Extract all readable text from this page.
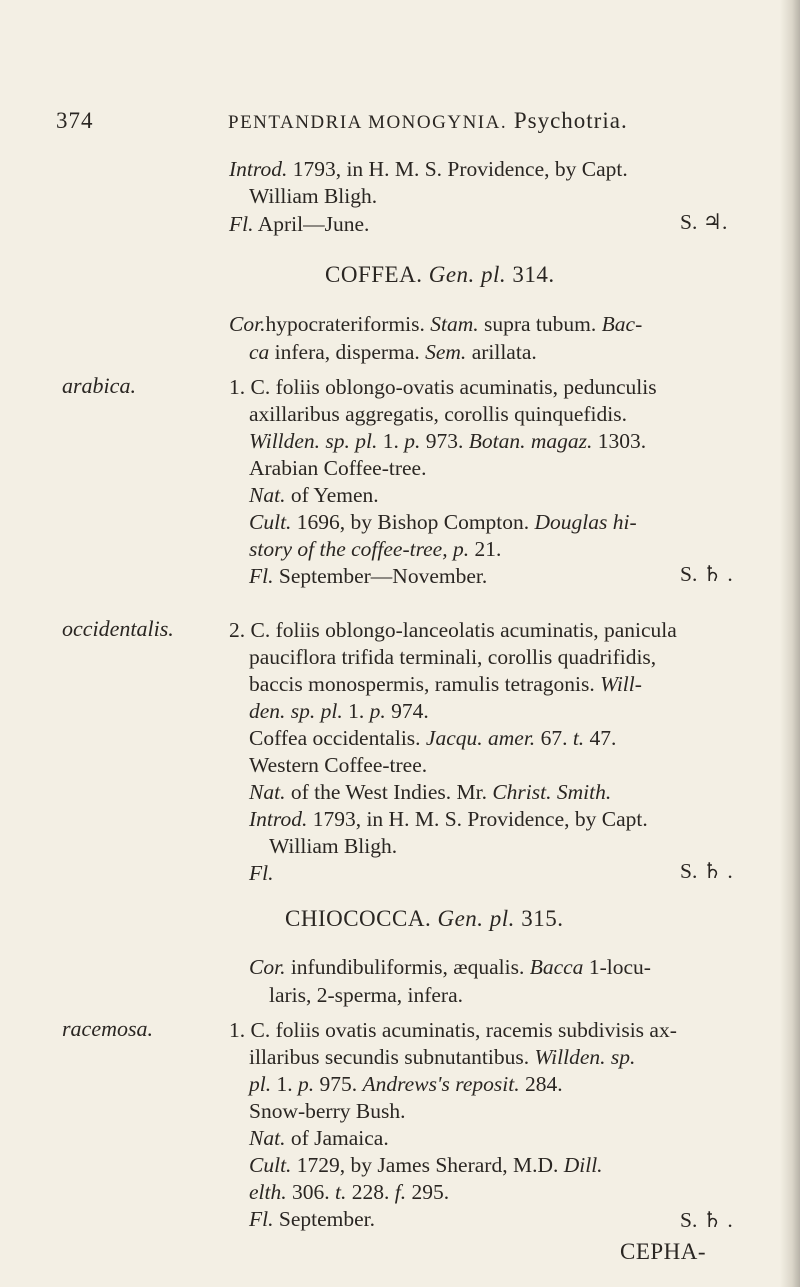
374	PENTANDRIA MONOGYNIA. Psychotria.
Introd. 1793, in H. M. S. Providence, by Capt.
William Bligh.
Fl. April—June.	S. ♃.
COFFEA. Gen. pl. 314.
Cor.hypocrateriformis. Stam. supra tubum. Bac-
ca infera, disperma. Sem. arillata.
arabica.	1. C. foliis oblongo-ovatis acuminatis, pedunculis
axillaribus aggregatis, corollis quinquefidis.
Willden. sp. pl. 1. p. 973. Botan. magaz. 1303.
Arabian Coffee-tree.
Nat. of Yemen.
Cult. 1696, by Bishop Compton. Douglas hi-
story of the coffee-tree, p. 21.
Fl. September—November.	S. ♄ .
occidentalis.	2. C. foliis oblongo-lanceolatis acuminatis, panicula
pauciflora trifida terminali, corollis quadrifidis,
baccis monospermis, ramulis tetragonis. Will-
den. sp. pl. 1. p. 974.
Coffea occidentalis. Jacqu. amer. 67. t. 47.
Western Coffee-tree.
Nat. of the West Indies. Mr. Christ. Smith.
Introd. 1793, in H. M. S. Providence, by Capt.
William Bligh.
Fl.	S. ♄ .
CHIOCOCCA. Gen. pl. 315.
Cor. infundibuliformis, æqualis. Bacca 1-locu-
laris, 2-sperma, infera.
racemosa.	1. C. foliis ovatis acuminatis, racemis subdivisis ax-
illaribus secundis subnutantibus. Willden. sp.
pl. 1. p. 975. Andrews's reposit. 284.
Snow-berry Bush.
Nat. of Jamaica.
Cult. 1729, by James Sherard, M.D. Dill.
elth. 306. t. 228. f. 295.
Fl. September.	S. ♄ .
CEPHA-
